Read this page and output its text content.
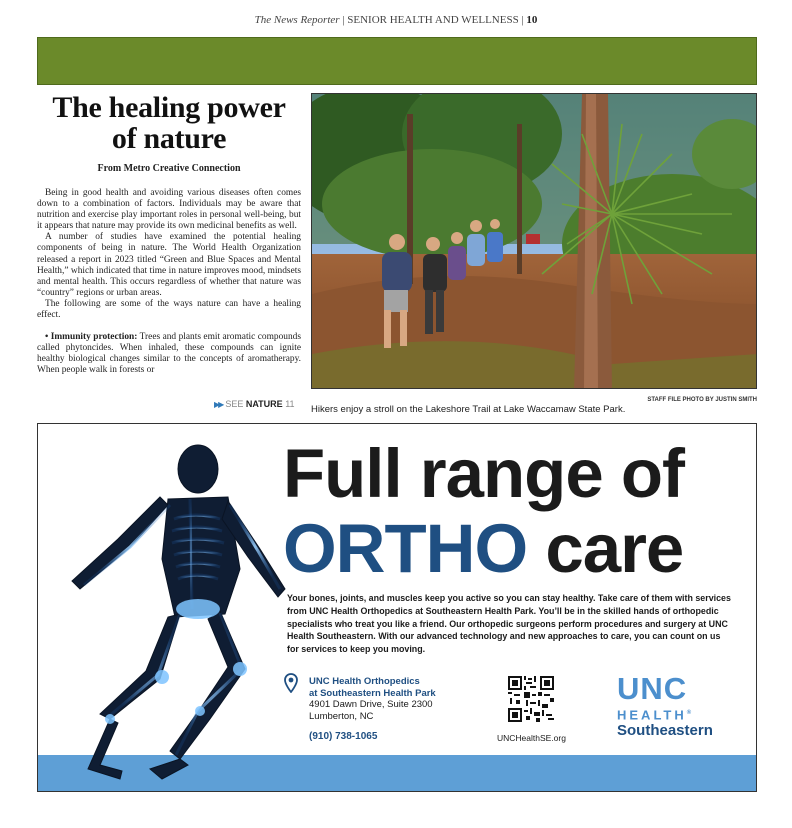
The News Reporter | SENIOR HEALTH AND WELLNESS | 10
The healing power of nature
From Metro Creative Connection

Being in good health and avoiding various diseases often comes down to a combination of factors. Individuals may be aware that nutrition and exercise play important roles in personal well-being, but it appears that nature may provide its own medicinal benefits as well.

A number of studies have examined the potential healing components of being in nature. The World Health Organization released a report in 2023 titled “Green and Blue Spaces and Mental Health,” which indicated that time in nature improves mood, mindsets and mental health. This occurs regardless of whether that nature was “country” regions or urban areas.

The following are some of the ways nature can have a healing effect.

• Immunity protection: Trees and plants emit aromatic compounds called phytoncides. When inhaled, these compounds can ignite healthy biological changes similar to the concepts of aromatherapy. When people walk in forests or

▶▶ SEE NATURE 11	STAFF FILE PHOTO BY JUSTIN SMITH
Hikers enjoy a stroll on the Lakeshore Trail at Lake Waccamaw State Park.
Full range of
ORTHO care
Your bones, joints, and muscles keep you active so you can stay healthy. Take care of them with services from UNC Health Orthopedics at Southeastern Health Park. You’ll be in the skilled hands of orthopedic specialists who treat you like a friend. Our orthopedic surgeons perform procedures and surgery at UNC Health Southeastern. With our advanced technology and new approaches to care, you can count on us for services to keep you moving.
UNC Health Orthopedics
at Southeastern Health Park
4901 Dawn Drive, Suite 2300
Lumberton, NC
(910) 738-1065	UNCHealthSE.org
UNC
HEALTH®
Southeastern
